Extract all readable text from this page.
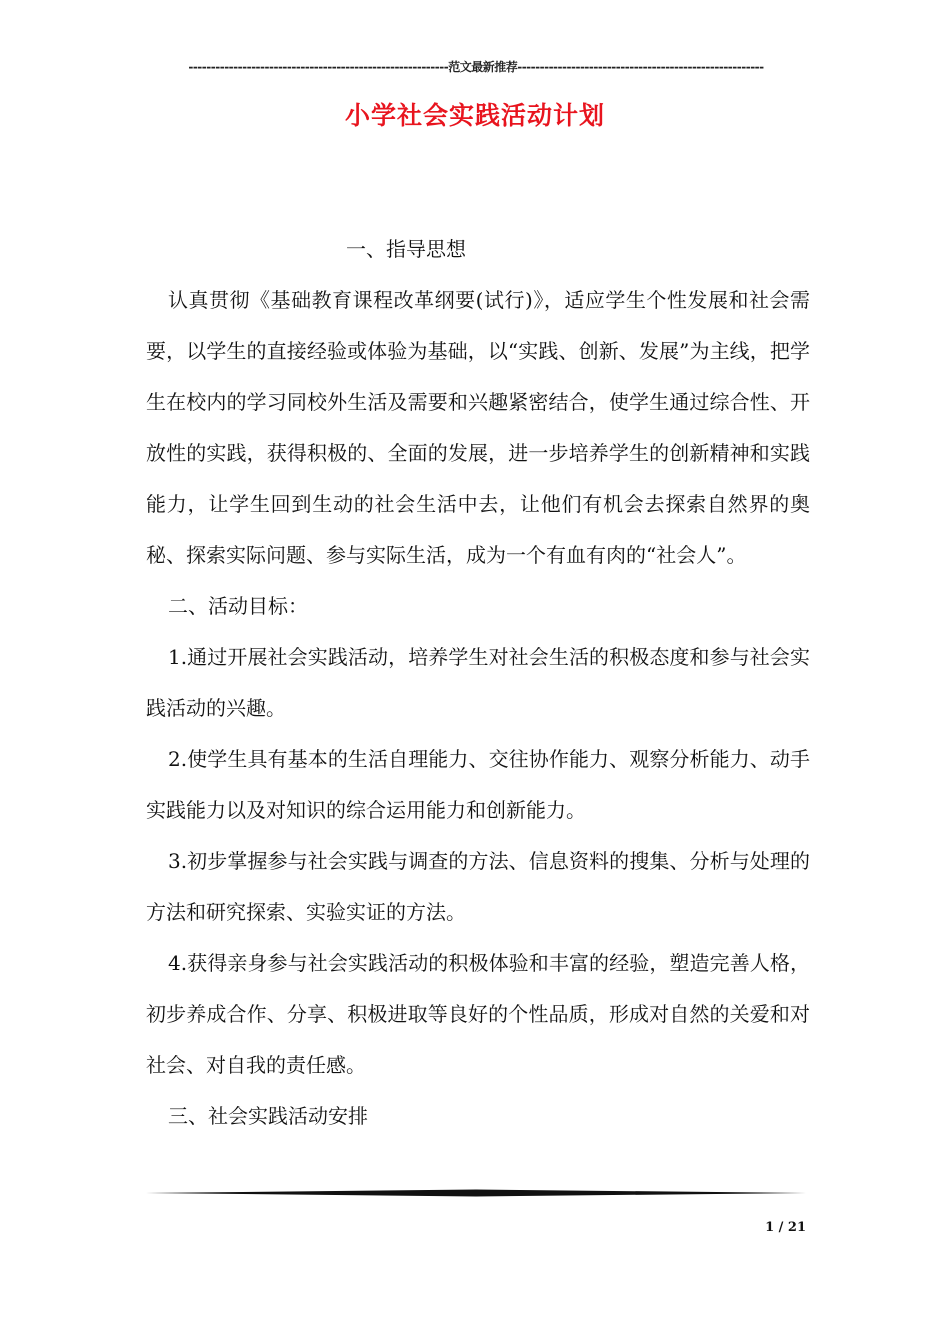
----------------------------------------------------------范文最新推荐-------------------------------------------------------
小学社会实践活动计划

一、指导思想

认真贯彻《基础教育课程改革纲要(试行)》，适应学生个性发展和社会需要，以学生的直接经验或体验为基础，以“实践、创新、发展”为主线，把学生在校内的学习同校外生活及需要和兴趣紧密结合，使学生通过综合性、开放性的实践，获得积极的、全面的发展，进一步培养学生的创新精神和实践能力，让学生回到生动的社会生活中去，让他们有机会去探索自然界的奥秘、探索实际问题、参与实际生活，成为一个有血有肉的“社会人”。

二、活动目标：

1.通过开展社会实践活动，培养学生对社会生活的积极态度和参与社会实践活动的兴趣。

2.使学生具有基本的生活自理能力、交往协作能力、观察分析能力、动手实践能力以及对知识的综合运用能力和创新能力。

3.初步掌握参与社会实践与调查的方法、信息资料的搜集、分析与处理的方法和研究探索、实验实证的方法。

4.获得亲身参与社会实践活动的积极体验和丰富的经验，塑造完善人格，初步养成合作、分享、积极进取等良好的个性品质，形成对自然的关爱和对社会、对自我的责任感。

三、社会实践活动安排

1 / 21
